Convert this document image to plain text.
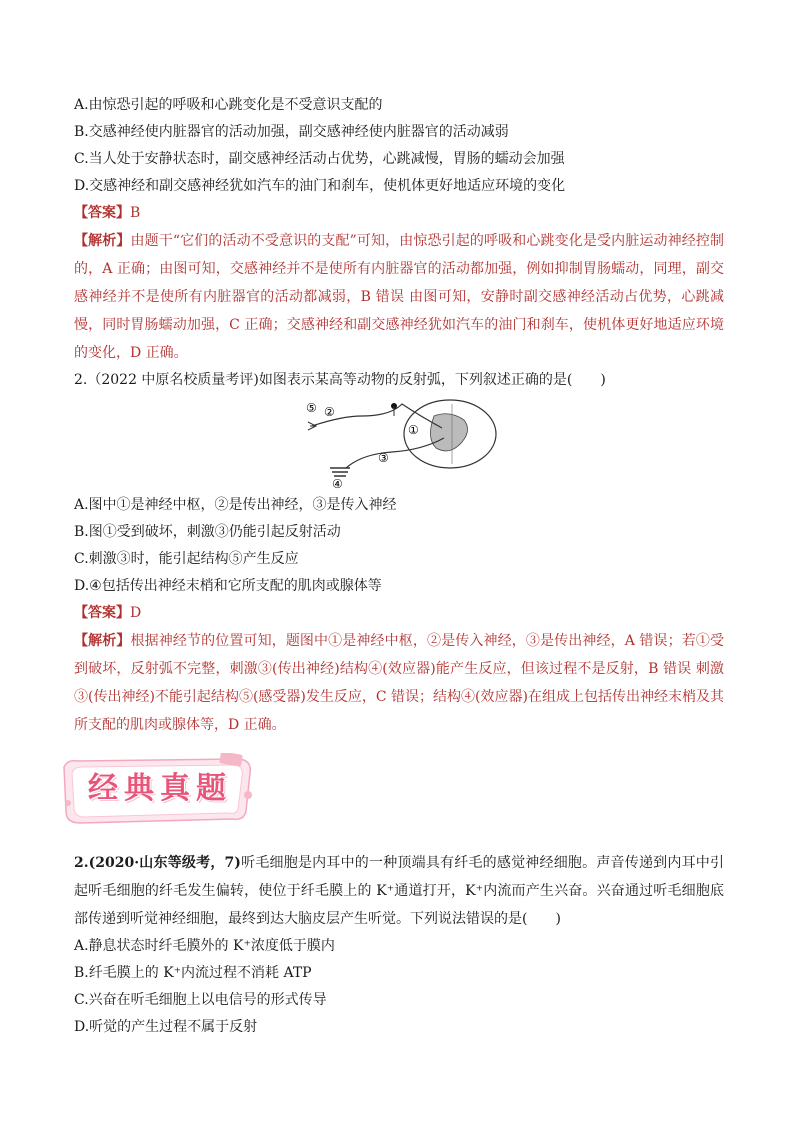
A.由惊恐引起的呼吸和心跳变化是不受意识支配的

B.交感神经使内脏器官的活动加强，副交感神经使内脏器官的活动减弱

C.当人处于安静状态时，副交感神经活动占优势，心跳减慢，胃肠的蠕动会加强

D.交感神经和副交感神经犹如汽车的油门和刹车，使机体更好地适应环境的变化

【答案】B

【解析】由题干“它们的活动不受意识的支配”可知，由惊恐引起的呼吸和心跳变化是受内脏运动神经控制的，A 正确；由图可知，交感神经并不是使所有内脏器官的活动都加强，例如抑制胃肠蠕动，同理，副交感神经并不是使所有内脏器官的活动都减弱，B 错误 由图可知，安静时副交感神经活动占优势，心跳减慢，同时胃肠蠕动加强，C 正确；交感神经和副交感神经犹如汽车的油门和刹车，使机体更好地适应环境的变化，D 正确。

2.（2022 中原名校质量考评)如图表示某高等动物的反射弧，下列叙述正确的是(　　)

⑤ ②
①
③
④

A.图中①是神经中枢，②是传出神经，③是传入神经

B.图①受到破坏，刺激③仍能引起反射活动

C.刺激③时，能引起结构⑤产生反应

D.④包括传出神经末梢和它所支配的肌肉或腺体等

【答案】D

【解析】根据神经节的位置可知，题图中①是神经中枢，②是传入神经，③是传出神经，A 错误；若①受到破坏，反射弧不完整，刺激③(传出神经)结构④(效应器)能产生反应，但该过程不是反射，B 错误 刺激③(传出神经)不能引起结构⑤(感受器)发生反应，C 错误；结构④(效应器)在组成上包括传出神经末梢及其所支配的肌肉或腺体等，D 正确。

经典真题

2.(2020·山东等级考，7)听毛细胞是内耳中的一种顶端具有纤毛的感觉神经细胞。声音传递到内耳中引起听毛细胞的纤毛发生偏转，使位于纤毛膜上的 K⁺通道打开，K⁺内流而产生兴奋。兴奋通过听毛细胞底部传递到听觉神经细胞，最终到达大脑皮层产生听觉。下列说法错误的是(　　)

A.静息状态时纤毛膜外的 K⁺浓度低于膜内

B.纤毛膜上的 K⁺内流过程不消耗 ATP

C.兴奋在听毛细胞上以电信号的形式传导

D.听觉的产生过程不属于反射
